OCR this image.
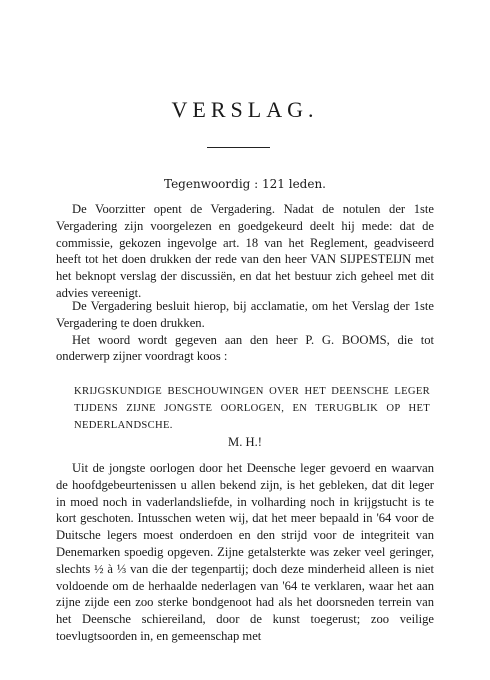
VERSLAG.
Tegenwoordig : 121 leden.

De Voorzitter opent de Vergadering. Nadat de notulen der 1ste Vergadering zijn voorgelezen en goedgekeurd deelt hij mede: dat de commissie, gekozen ingevolge art. 18 van het Reglement, geadviseerd heeft tot het doen drukken der rede van den heer VAN SIJPESTEIJN met het beknopt verslag der discussiën, en dat het bestuur zich geheel met dit advies vereenigt.

De Vergadering besluit hierop, bij acclamatie, om het Verslag der 1ste Vergadering te doen drukken.

Het woord wordt gegeven aan den heer P. G. BOOMS, die tot onderwerp zijner voordragt koos :

KRIJGSKUNDIGE BESCHOUWINGEN OVER HET DEENSCHE LEGER TIJDENS ZIJNE JONGSTE OORLOGEN, EN TERUGBLIK OP HET NEDERLANDSCHE.
M. H.!

Uit de jongste oorlogen door het Deensche leger gevoerd en waarvan de hoofdgebeurtenissen u allen bekend zijn, is het gebleken, dat dit leger in moed noch in vaderlandsliefde, in volharding noch in krijgstucht is te kort geschoten. Intusschen weten wij, dat het meer bepaald in '64 voor de Duitsche legers moest onderdoen en den strijd voor de integriteit van Denemarken spoedig opgeven. Zijne getalsterkte was zeker veel geringer, slechts ½ à ⅓ van die der tegenpartij; doch deze minderheid alleen is niet voldoende om de herhaalde nederlagen van '64 te verklaren, waar het aan zijne zijde een zoo sterke bondgenoot had als het doorsneden terrein van het Deensche schiereiland, door de kunst toegerust; zoo veilige toevlugtsoorden in, en gemeenschap met
